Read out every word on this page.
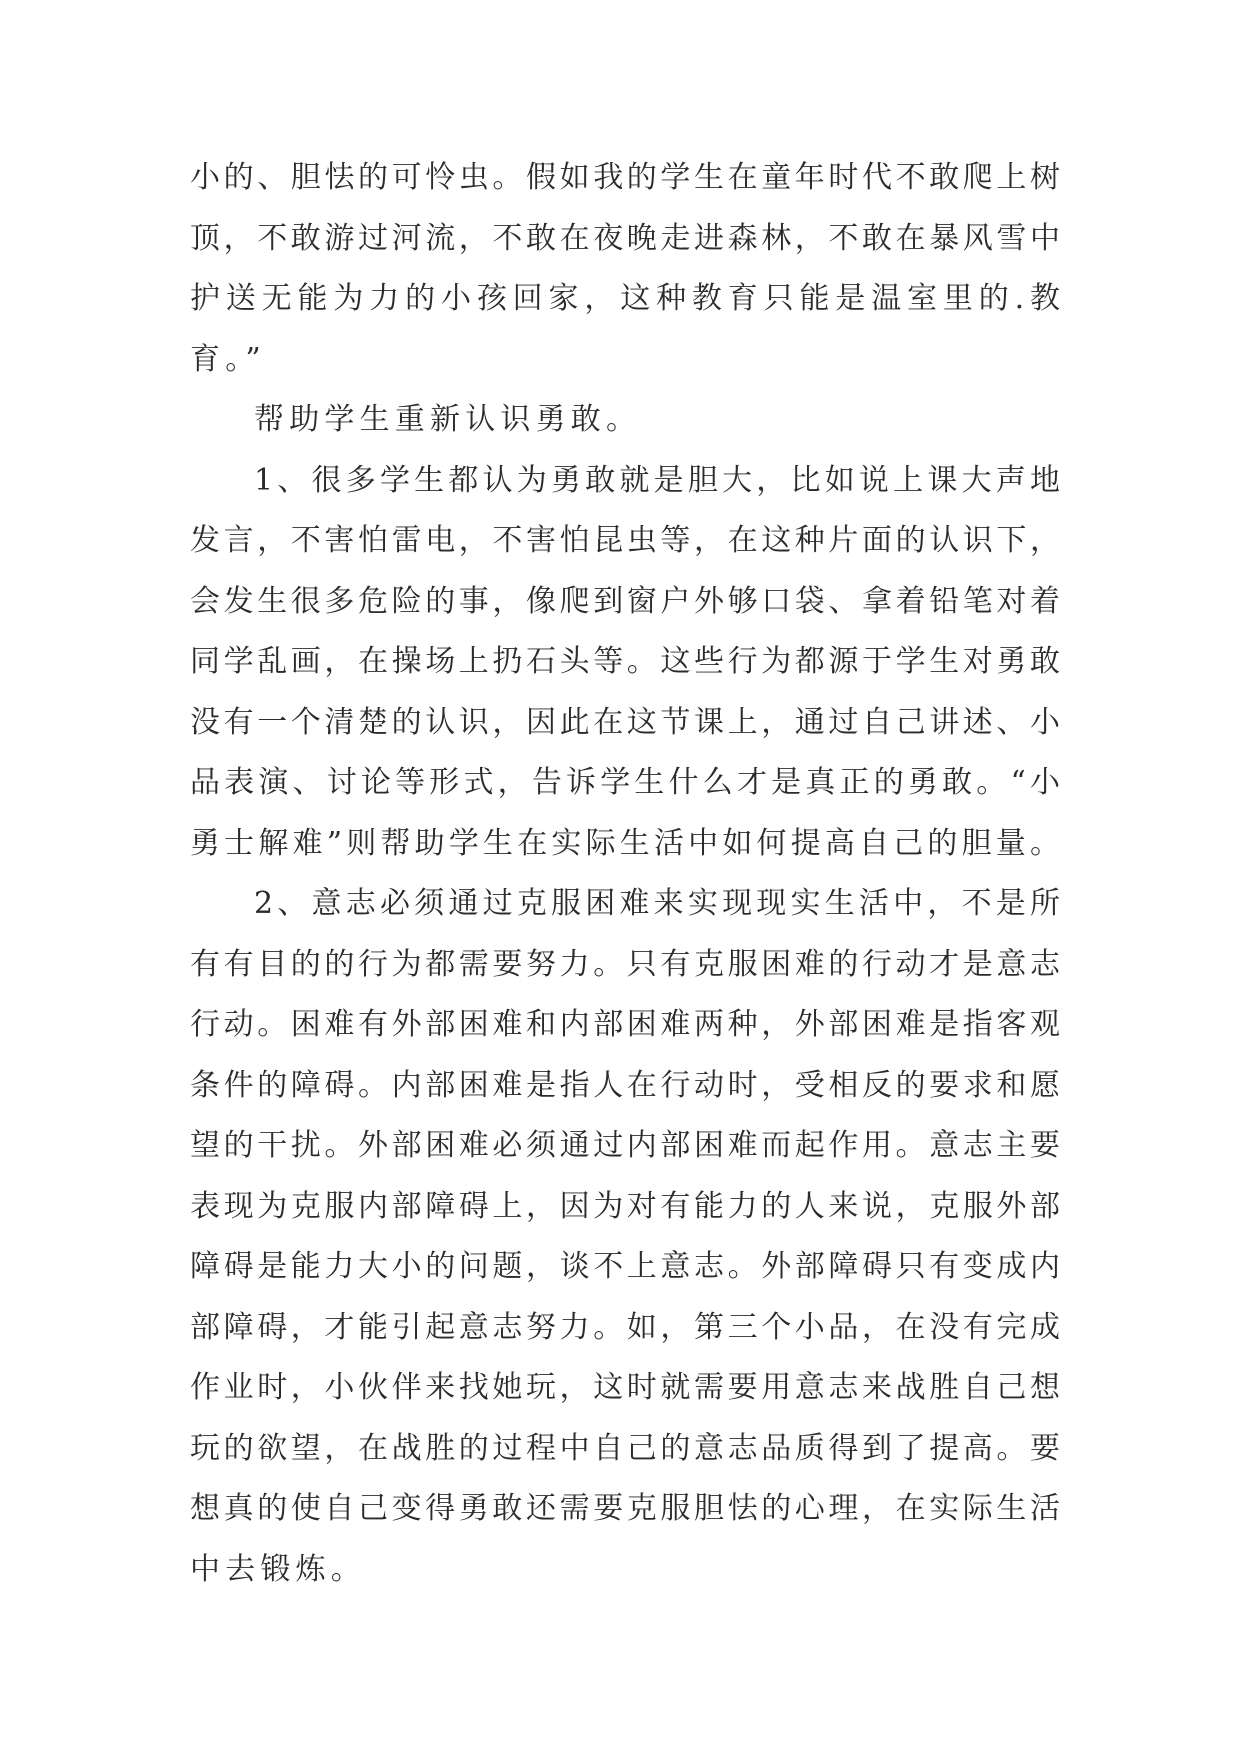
小的、胆怯的可怜虫。假如我的学生在童年时代不敢爬上树
顶，不敢游过河流，不敢在夜晚走进森林，不敢在暴风雪中
护送无能为力的小孩回家，这种教育只能是温室里的.教
育。”
帮助学生重新认识勇敢。
1、很多学生都认为勇敢就是胆大，比如说上课大声地
发言，不害怕雷电，不害怕昆虫等，在这种片面的认识下，
会发生很多危险的事，像爬到窗户外够口袋、拿着铅笔对着
同学乱画，在操场上扔石头等。这些行为都源于学生对勇敢
没有一个清楚的认识，因此在这节课上，通过自己讲述、小
品表演、讨论等形式，告诉学生什么才是真正的勇敢。“小
勇士解难”则帮助学生在实际生活中如何提高自己的胆量。
2、意志必须通过克服困难来实现现实生活中，不是所
有有目的的行为都需要努力。只有克服困难的行动才是意志
行动。困难有外部困难和内部困难两种，外部困难是指客观
条件的障碍。内部困难是指人在行动时，受相反的要求和愿
望的干扰。外部困难必须通过内部困难而起作用。意志主要
表现为克服内部障碍上，因为对有能力的人来说，克服外部
障碍是能力大小的问题，谈不上意志。外部障碍只有变成内
部障碍，才能引起意志努力。如，第三个小品，在没有完成
作业时，小伙伴来找她玩，这时就需要用意志来战胜自己想
玩的欲望，在战胜的过程中自己的意志品质得到了提高。要
想真的使自己变得勇敢还需要克服胆怯的心理，在实际生活
中去锻炼。
